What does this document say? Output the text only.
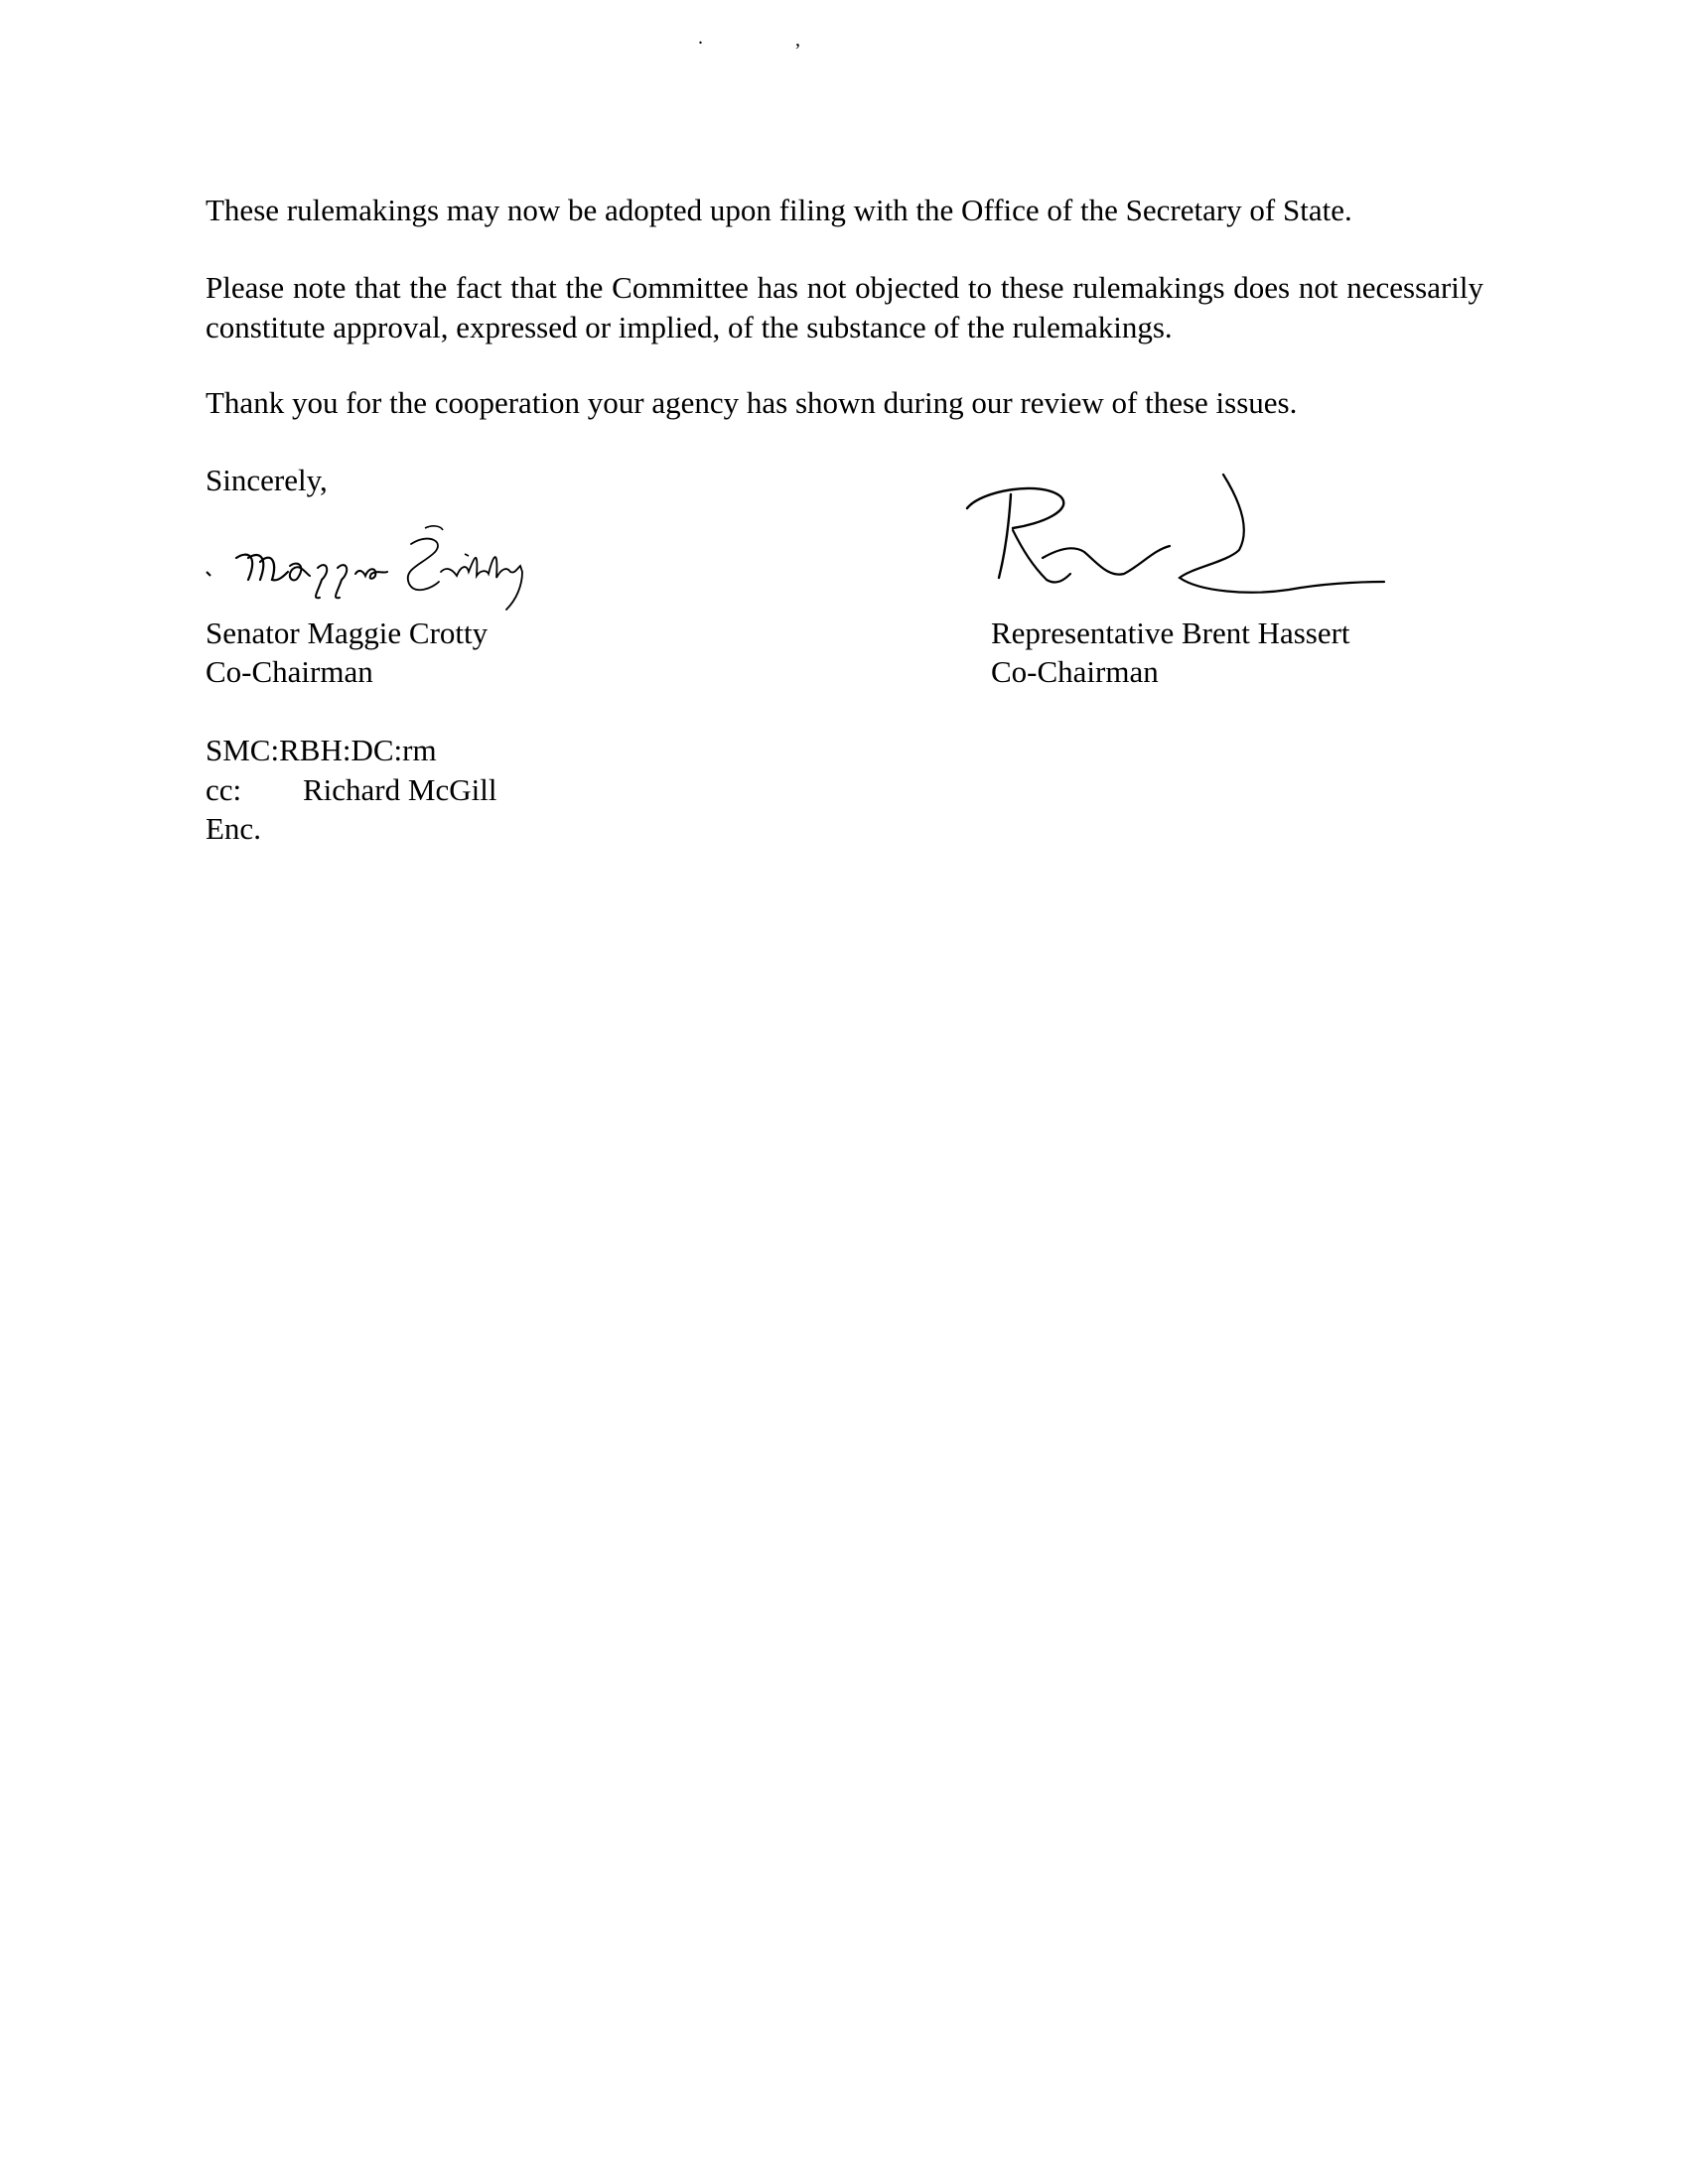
.	,

These rulemakings may now be adopted upon filing with the Office of the Secretary of State.

Please note that the fact that the Committee has not objected to these rulemakings does not necessarily constitute approval, expressed or implied, of the substance of the rulemakings.

Thank you for the cooperation your agency has shown during our review of these issues.

Sincerely,

Senator Maggie Crotty

Co-Chairman

Representative Brent Hassert

Co-Chairman

SMC:RBH:DC:rm

cc: Richard McGill

Enc.
